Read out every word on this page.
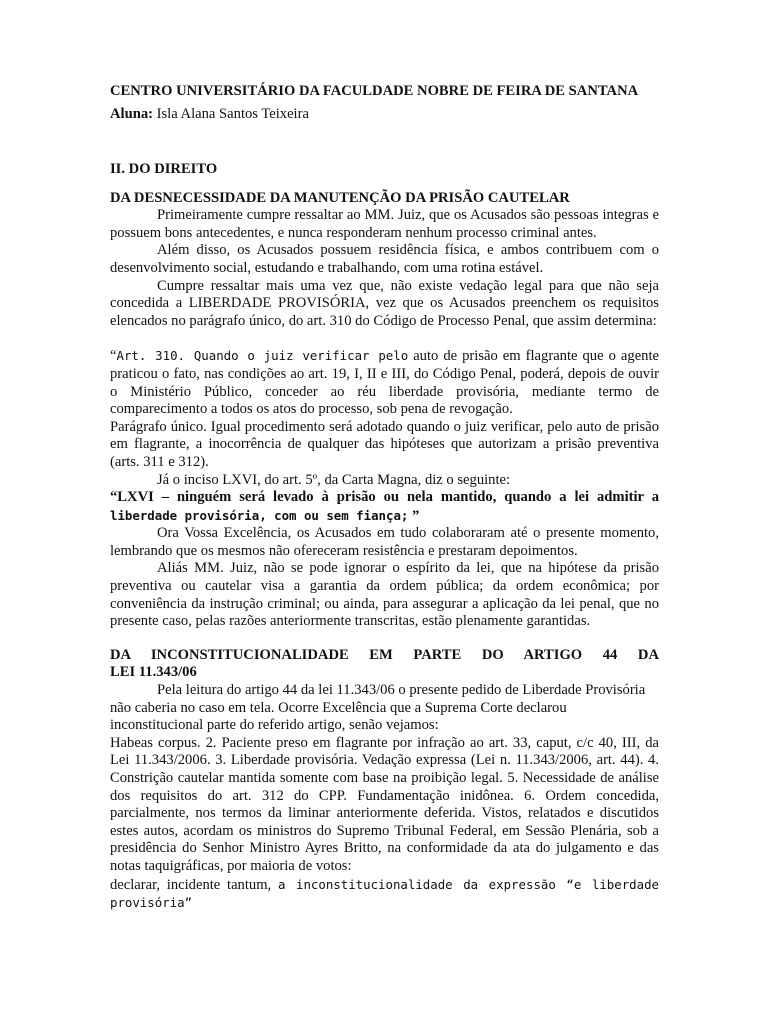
CENTRO UNIVERSITÁRIO DA FACULDADE NOBRE DE FEIRA DE SANTANA
Aluna: Isla Alana Santos Teixeira
II. DO DIREITO
DA DESNECESSIDADE DA MANUTENÇÃO DA PRISÃO CAUTELAR

Primeiramente cumpre ressaltar ao MM. Juiz, que os Acusados são pessoas integras e possuem bons antecedentes, e nunca responderam nenhum processo criminal antes.

Além disso, os Acusados possuem residência física, e ambos contribuem com o desenvolvimento social, estudando e trabalhando, com uma rotina estável.

Cumpre ressaltar mais uma vez que, não existe vedação legal para que não seja concedida a LIBERDADE PROVISÓRIA, vez que os Acusados preenchem os requisitos elencados no parágrafo único, do art. 310 do Código de Processo Penal, que assim determina:

“Art. 310. Quando o juiz verificar pelo auto de prisão em flagrante que o agente praticou o fato, nas condições ao art. 19, I, II e III, do Código Penal, poderá, depois de ouvir o Ministério Público, conceder ao réu liberdade provisória, mediante termo de comparecimento a todos os atos do processo, sob pena de revogação.

Parágrafo único. Igual procedimento será adotado quando o juiz verificar, pelo auto de prisão em flagrante, a inocorrência de qualquer das hipóteses que autorizam a prisão preventiva (arts. 311 e 312).

Já o inciso LXVI, do art. 5º, da Carta Magna, diz o seguinte:

“LXVI – ninguém será levado à prisão ou nela mantido, quando a lei admitir a liberdade provisória, com ou sem fiança; ”

Ora Vossa Excelência, os Acusados em tudo colaboraram até o presente momento, lembrando que os mesmos não ofereceram resistência e prestaram depoimentos.

Aliás MM. Juiz, não se pode ignorar o espírito da lei, que na hipótese da prisão preventiva ou cautelar visa a garantia da ordem pública; da ordem econômica; por conveniência da instrução criminal; ou ainda, para assegurar a aplicação da lei penal, que no presente caso, pelas razões anteriormente transcritas, estão plenamente garantidas.

DA INCONSTITUCIONALIDADE EM PARTE DO ARTIGO 44 DA
LEI 11.343/06

Pela leitura do artigo 44 da lei 11.343/06 o presente pedido de Liberdade Provisória não caberia no caso em tela. Ocorre Excelência que a Suprema Corte declarou inconstitucional parte do referido artigo, senão vejamos:

Habeas corpus. 2. Paciente preso em flagrante por infração ao art. 33, caput, c/c 40, III, da Lei 11.343/2006. 3. Liberdade provisória. Vedação expressa (Lei n. 11.343/2006, art. 44). 4. Constrição cautelar mantida somente com base na proibição legal. 5. Necessidade de análise dos requisitos do art. 312 do CPP. Fundamentação inidônea. 6. Ordem concedida, parcialmente, nos termos da liminar anteriormente deferida. Vistos, relatados e discutidos estes autos, acordam os ministros do Supremo Tribunal Federal, em Sessão Plenária, sob a presidência do Senhor Ministro Ayres Britto, na conformidade da ata do julgamento e das notas taquigráficas, por maioria de votos:

declarar, incidente tantum, a inconstitucionalidade da expressão “e liberdade provisória”
